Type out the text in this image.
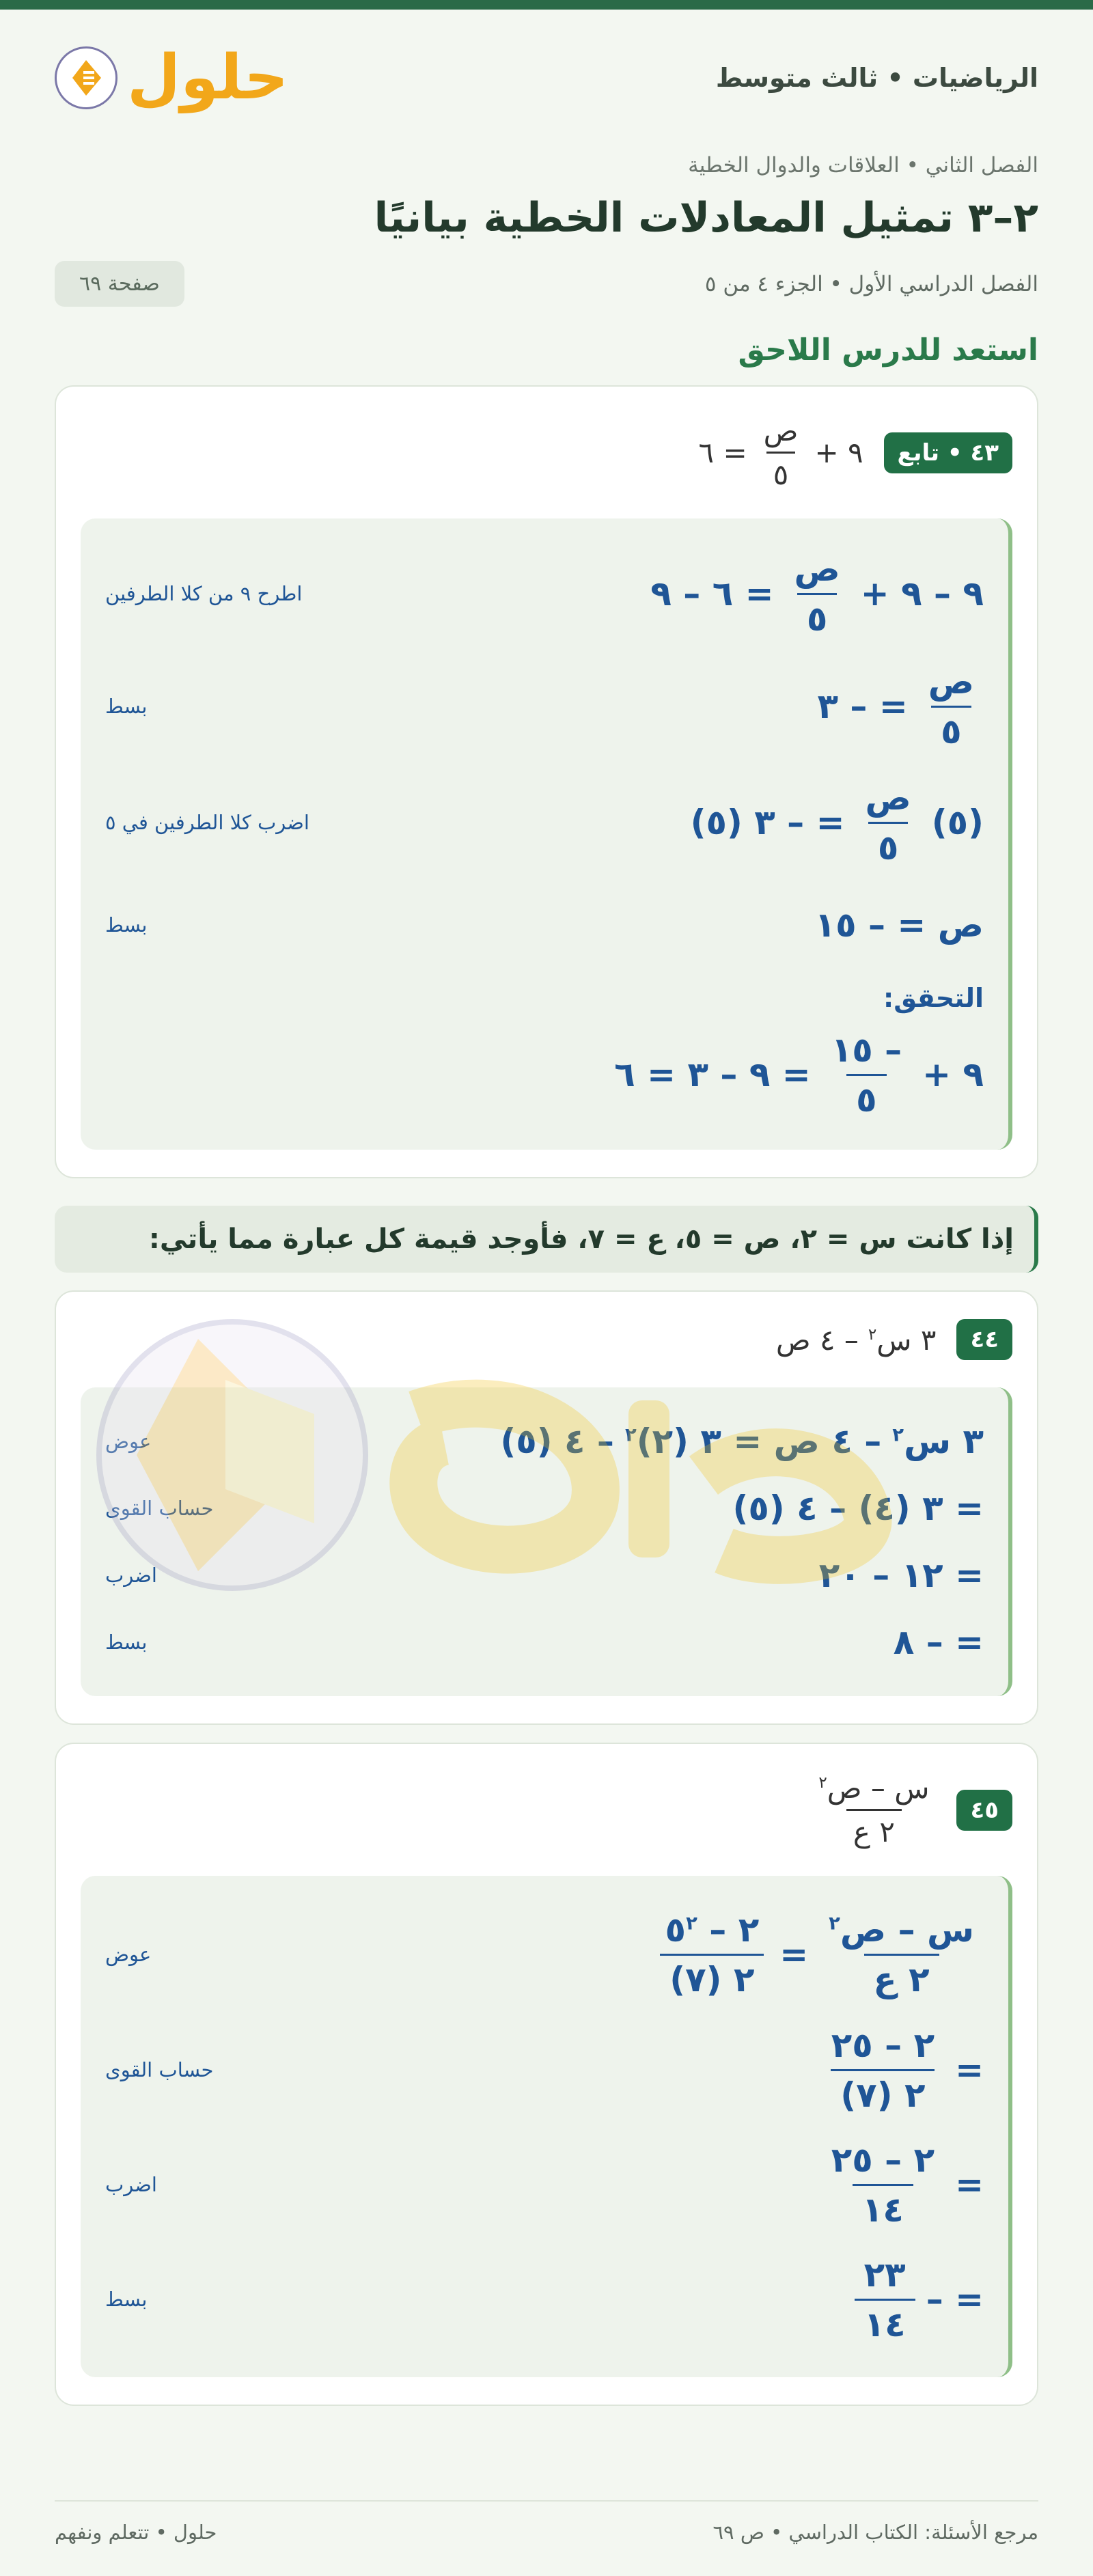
الرياضيات • ثالث متوسط
حلول
الفصل الثاني • العلاقات والدوال الخطية
٢–٣ تمثيل المعادلات الخطية بيانيًا
الفصل الدراسي الأول • الجزء ٤ من ٥
صفحة ٦٩
استعد للدرس اللاحق
٤٣ • تابع
٩ +
$\frac{\text{ص}}{٥}$
= ٦
٩ – ٩ +
$\frac{\text{ص}}{٥}$
= ٦ – ٩
اطرح ٩ من كلا الطرفين
$\frac{\text{ص}}{٥}$
= – ٣
بسط
(٥)
$\frac{\text{ص}}{٥}$
= – ٣ (٥)
اضرب كلا الطرفين في ٥
ص = – ١٥
بسط
التحقق:
٩ +
$\frac{- ١٥}{٥}$
= ٩ – ٣ = ٦
إذا كانت س = ٢، ص = ٥، ع = ٧، فأوجد قيمة كل عبارة مما يأتي:
٤٤
٣ س$^٢$
– ٤ ص
٣ س$^٢$
– ٤ ص = ٣ (٢)$^٢$
– ٤ (٥)
عوض
= ٣ (٤) – ٤ (٥)
حساب القوى
= ١٢ – ٢٠
اضرب
= – ٨
بسط
٤٥
$\frac{س - ص^٢}{\text{٢ ع}}$
$\frac{س - ص^٢}{\text{٢ ع}}$
=
$\frac{٢ - ٥^٢}{٢ (٧)}$
عوض
=
$\frac{٢ - ٢٥}{٢ (٧)}$
حساب القوى
=
$\frac{٢ - ٢٥}{١٤}$
اضرب
= –
$\frac{٢٣}{١٤}$
بسط
مرجع الأسئلة: الكتاب الدراسي • ص ٦٩
حلول • تتعلم ونفهم
